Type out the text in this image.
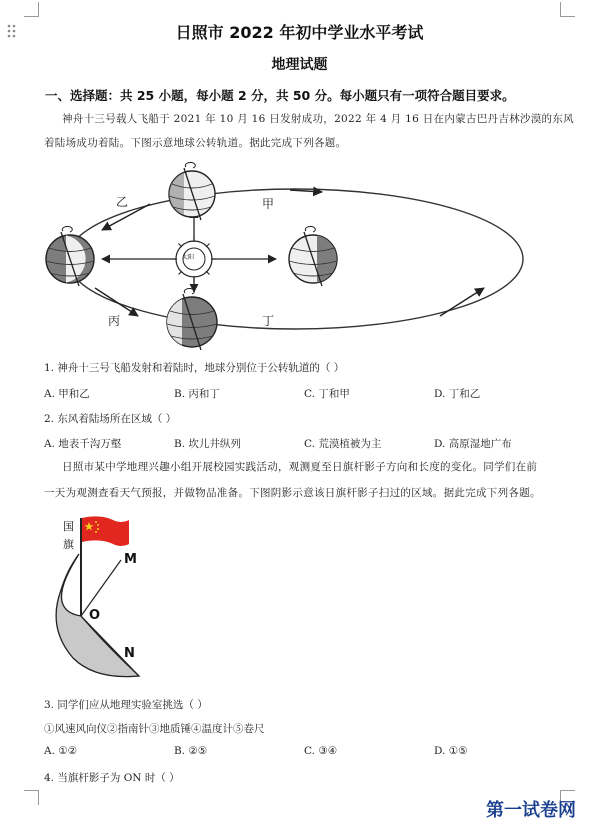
日照市 2022 年初中学业水平考试
地理试题
一、选择题：共 25 小题，每小题 2 分，共 50 分。每小题只有一项符合题目要求。
神舟十三号载人飞船于 2021 年 10 月 16 日发射成功，2022 年 4 月 16 日在内蒙古巴丹吉林沙漠的东风
着陆场成功着陆。下图示意地球公转轨道。据此完成下列各题。
乙	甲
丙	丁
太阳
1. 神舟十三号飞船发射和着陆时，地球分别位于公转轨道的（ ）
A. 甲和乙	B. 丙和丁	C. 丁和甲	D. 丁和乙
2. 东风着陆场所在区域（ ）
A. 地表千沟万壑	B. 坎儿井纵列	C. 荒漠植被为主	D. 高原湿地广布
日照市某中学地理兴趣小组开展校园实践活动，观测夏至日旗杆影子方向和长度的变化。同学们在前
一天为观测查看天气预报，并做物品准备。下图阴影示意该日旗杆影子扫过的区域。据此完成下列各题。
国
旗
M
O
N
3. 同学们应从地理实验室挑选（ ）
①风速风向仪②指南针③地质锤④温度计⑤卷尺
A. ①②	B. ②⑤	C. ③④	D. ①⑤
4. 当旗杆影子为 ON 时（ ）
第一试卷网
